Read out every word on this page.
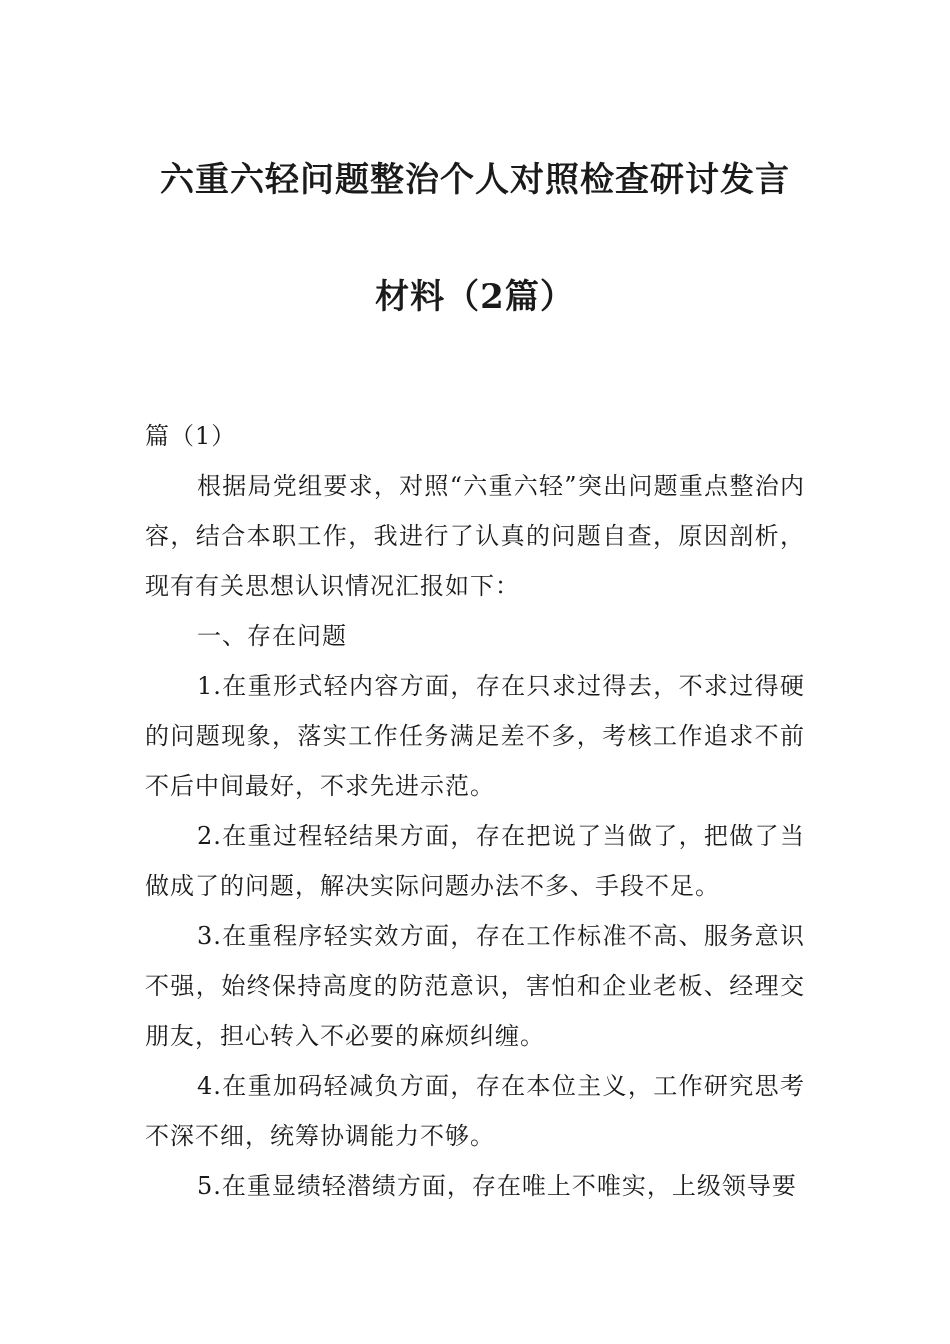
六重六轻问题整治个人对照检查研讨发言
材料（2篇）
篇（1）

根据局党组要求，对照“六重六轻”突出问题重点整治内容，结合本职工作，我进行了认真的问题自查，原因剖析，现有有关思想认识情况汇报如下：

一、存在问题

1.在重形式轻内容方面，存在只求过得去，不求过得硬的问题现象，落实工作任务满足差不多，考核工作追求不前不后中间最好，不求先进示范。

2.在重过程轻结果方面，存在把说了当做了，把做了当做成了的问题，解决实际问题办法不多、手段不足。

3.在重程序轻实效方面，存在工作标准不高、服务意识不强，始终保持高度的防范意识，害怕和企业老板、经理交朋友，担心转入不必要的麻烦纠缠。

4.在重加码轻减负方面，存在本位主义，工作研究思考不深不细，统筹协调能力不够。

5.在重显绩轻潜绩方面，存在唯上不唯实，上级领导要
